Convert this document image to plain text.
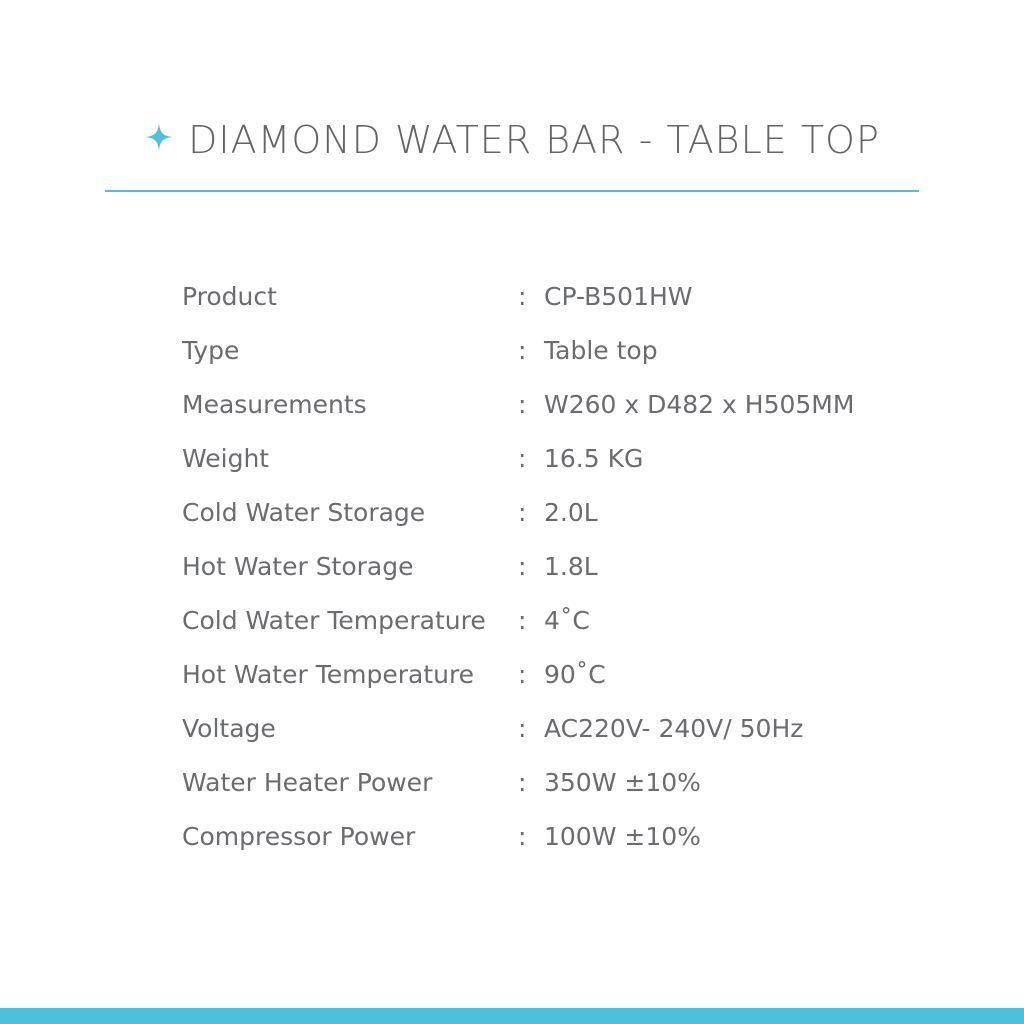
DIAMOND WATER BAR - TABLE TOP
Product	: CP-B501HW
Type	: Table top
Measurements	: W260 x D482 x H505MM
Weight	: 16.5 KG
Cold Water Storage	: 2.0L
Hot Water Storage	: 1.8L
Cold Water Temperature : 4˚C
Hot Water Temperature : 90˚C
Voltage	: AC220V- 240V/ 50Hz
Water Heater Power	: 350W ±10%
Compressor Power	: 100W ±10%
